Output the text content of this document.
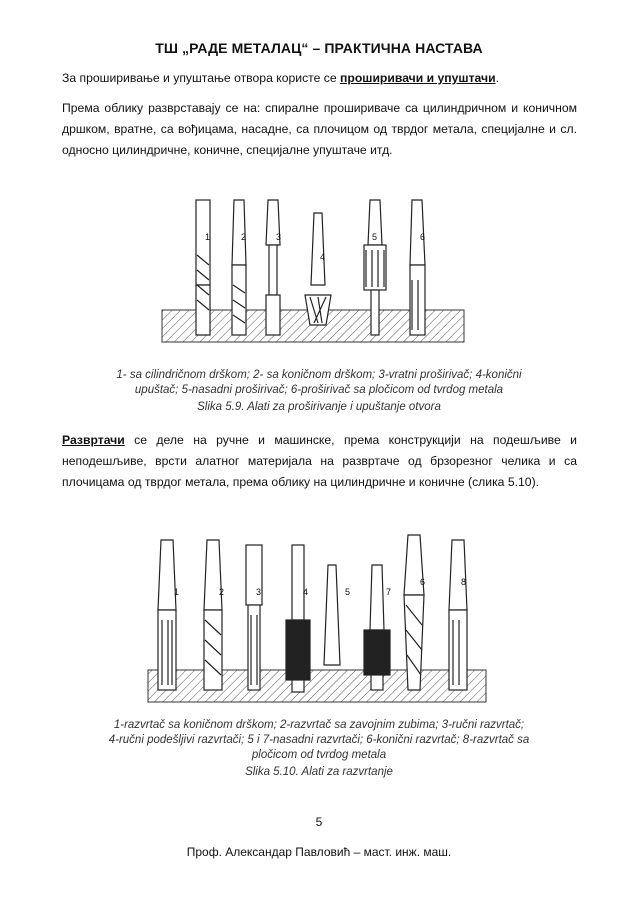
ТШ „РАДЕ МЕТАЛАЦ“ – ПРАКТИЧНА НАСТАВА
За проширивање и упуштање отвора користе се проширивачи и упуштачи.
Према облику разврставају се на: спиралне прошириваче са цилиндричном и коничном дршком, вратне, са вођицама, насадне, са плочицом од тврдог метала, специјалне и сл. односно цилиндричне, коничне, специјалне упуштаче итд.
1	2	3
4
5	6
1- sa cilindričnom drškom; 2- sa koničnom drškom; 3-vratni proširivač; 4-konični
upuštač; 5-nasadni proširivač; 6-proširivač sa pločicom od tvrdog metala
Slika 5.9. Alati za proširivanje i upuštanje otvora
Развртачи се деле на ручне и машинске, према конструкцији на подешљиве и неподешљиве, врсти алатног материјала на развртаче од брзорезног челика и са плочицама од тврдог метала, према облику на цилиндричне и коничне (слика 5.10).
1	2	3	4	5	7
6	8
1-razvrtač sa koničnom drškom; 2-razvrtač sa zavojnim zubima; 3-ručni razvrtač;
4-ručni podešljivi razvrtači; 5 i 7-nasadni razvrtači; 6-konični razvrtač; 8-razvrtač sa
pločicom od tvrdog metala
Slika 5.10. Alati za razvrtanje
5
Проф. Александар Павловић – маст. инж. маш.
